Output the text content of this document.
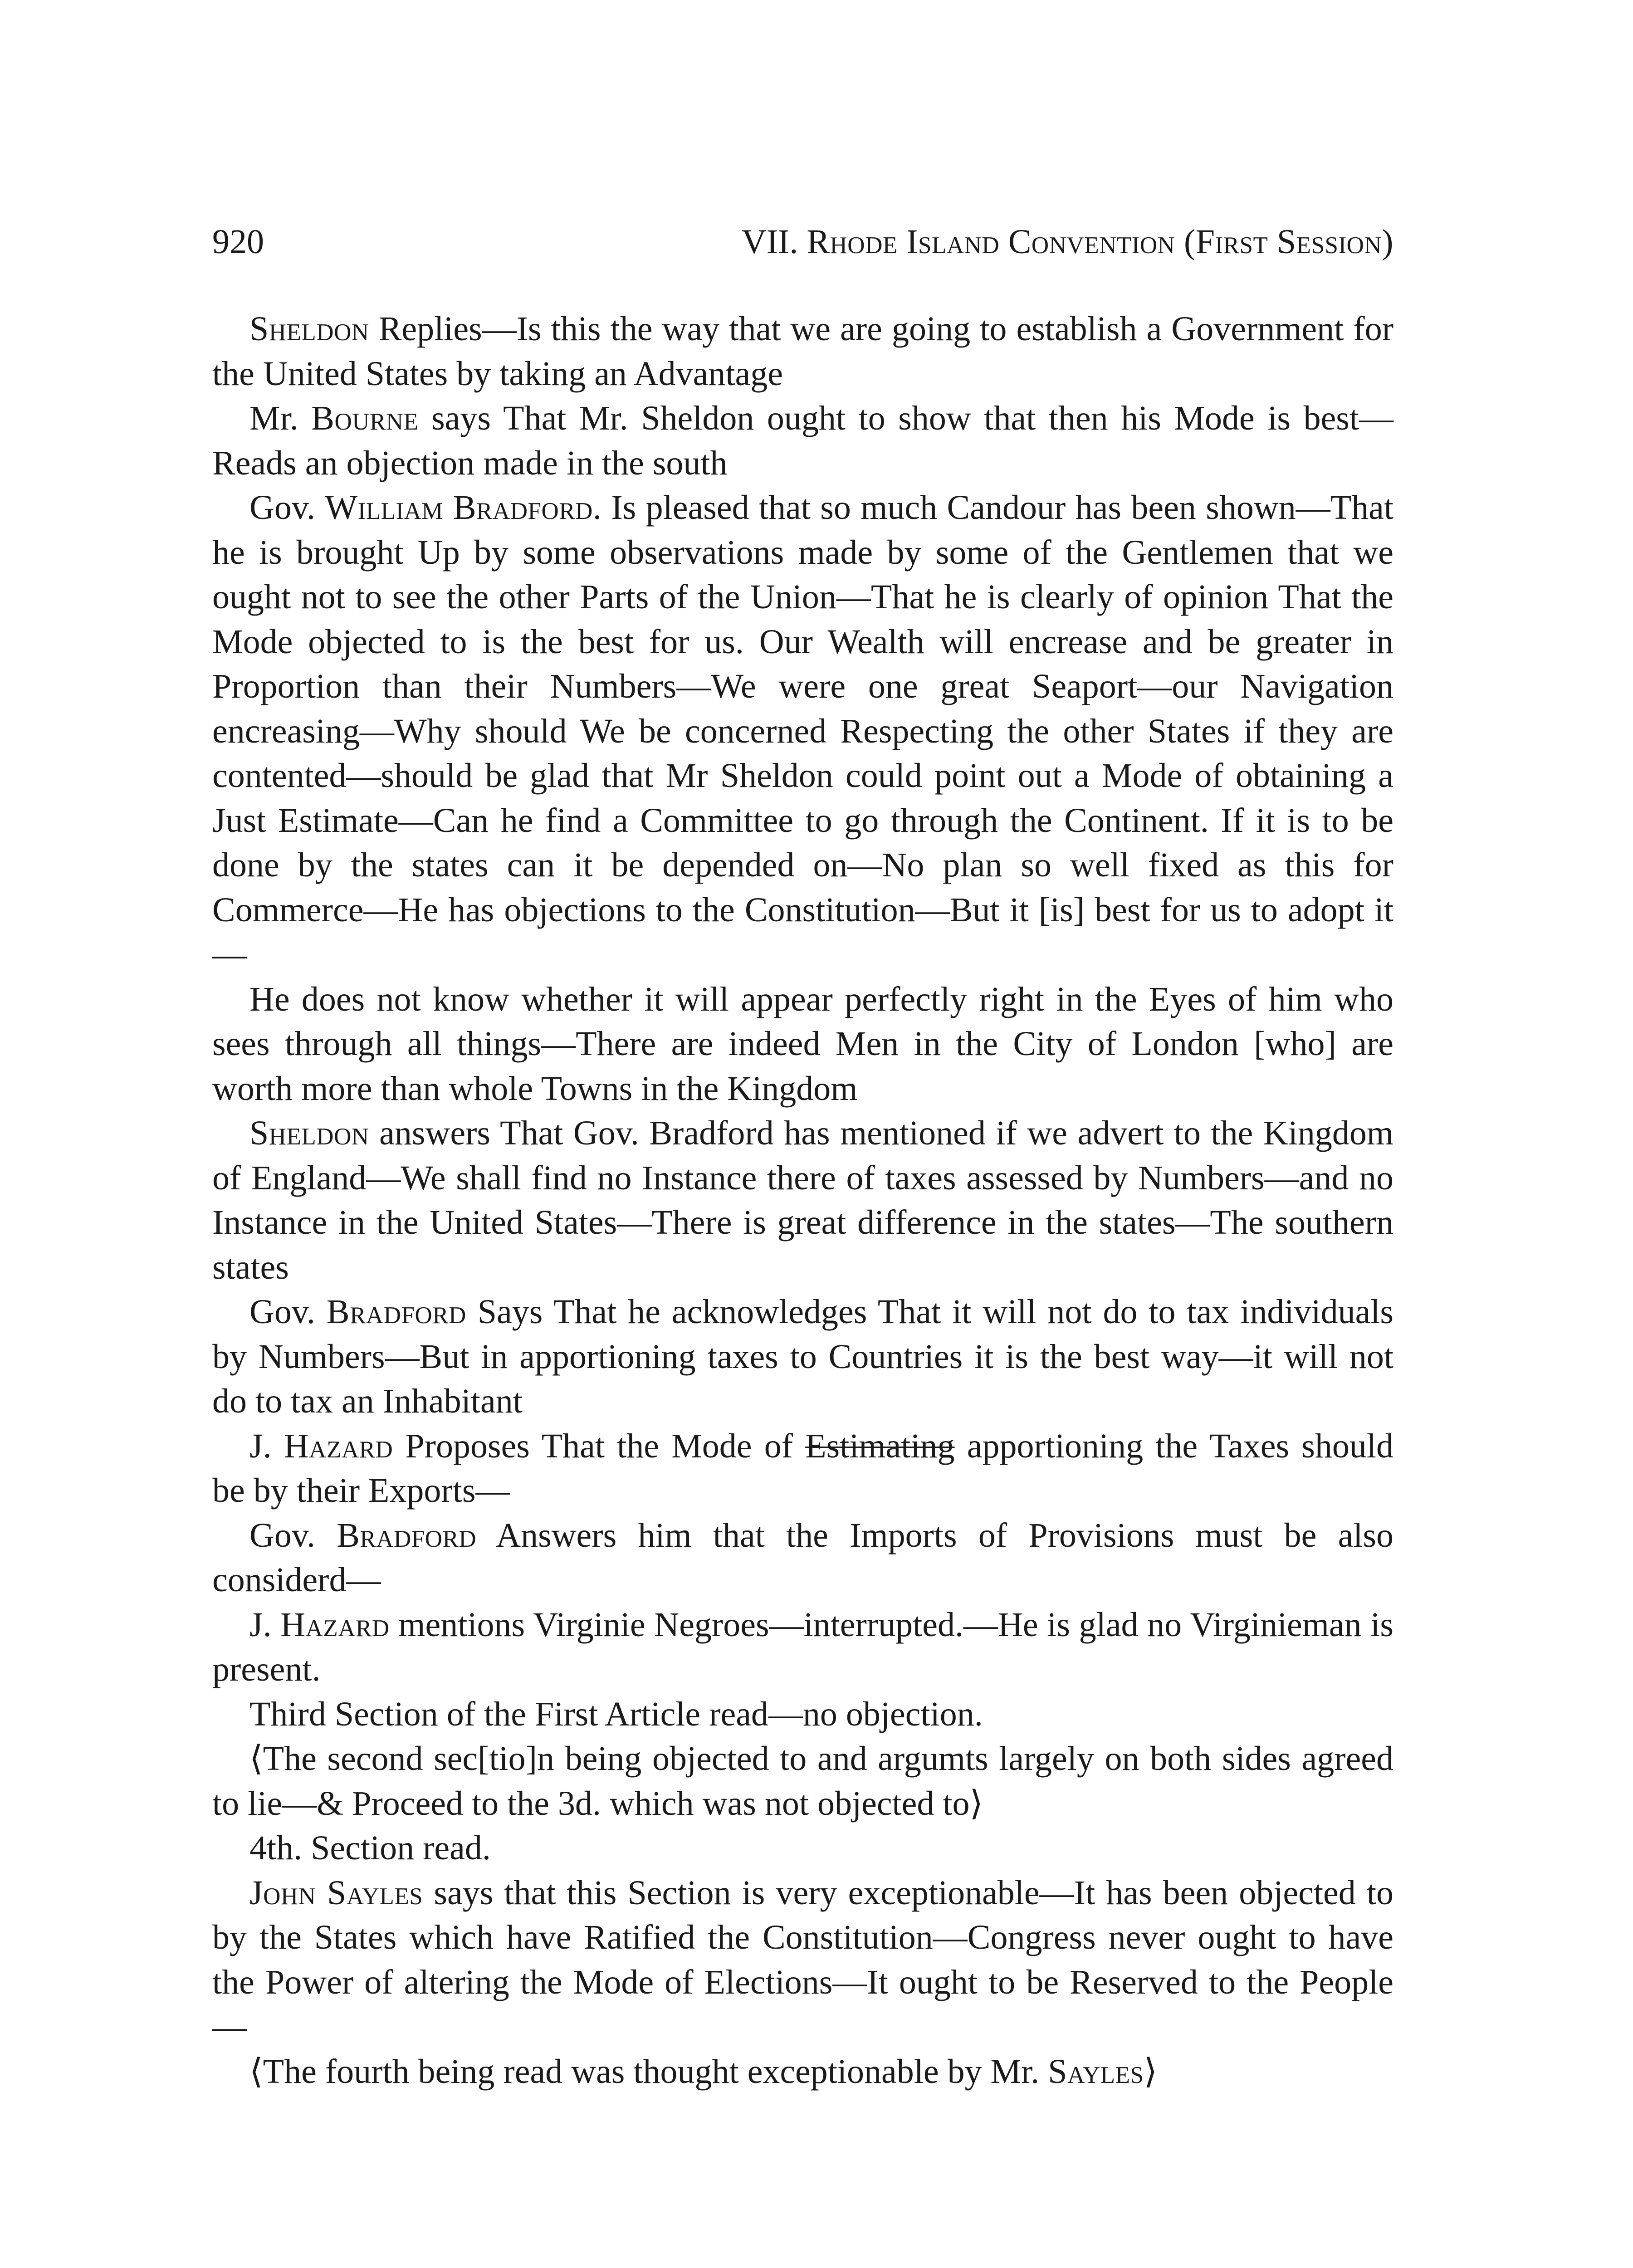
920	VII. Rhode Island Convention (First Session)

Sheldon Replies—Is this the way that we are going to establish a Government for the United States by taking an Advantage

Mr. Bourne says That Mr. Sheldon ought to show that then his Mode is best—Reads an objection made in the south

Gov. William Bradford. Is pleased that so much Candour has been shown—That he is brought Up by some observations made by some of the Gentlemen that we ought not to see the other Parts of the Union—That he is clearly of opinion That the Mode objected to is the best for us. Our Wealth will encrease and be greater in Proportion than their Numbers—We were one great Seaport—our Navigation encreasing—Why should We be concerned Respecting the other States if they are contented—should be glad that Mr Sheldon could point out a Mode of obtaining a Just Estimate—Can he find a Committee to go through the Continent. If it is to be done by the states can it be depended on—No plan so well fixed as this for Commerce—He has objections to the Constitution—But it [is] best for us to adopt it—

He does not know whether it will appear perfectly right in the Eyes of him who sees through all things—There are indeed Men in the City of London [who] are worth more than whole Towns in the Kingdom

Sheldon answers That Gov. Bradford has mentioned if we advert to the Kingdom of England—We shall find no Instance there of taxes assessed by Numbers—and no Instance in the United States—There is great difference in the states—The southern states

Gov. Bradford Says That he acknowledges That it will not do to tax individuals by Numbers—But in apportioning taxes to Countries it is the best way—it will not do to tax an Inhabitant

J. Hazard Proposes That the Mode of Estimating apportioning the Taxes should be by their Exports—

Gov. Bradford Answers him that the Imports of Provisions must be also considerd—

J. Hazard mentions Virginie Negroes—interrupted.—He is glad no Virginieman is present.

Third Section of the First Article read—no objection.

⟨The second sec[tio]n being objected to and argumts largely on both sides agreed to lie—& Proceed to the 3d. which was not objected to⟩

4th. Section read.

John Sayles says that this Section is very exceptionable—It has been objected to by the States which have Ratified the Constitution—Congress never ought to have the Power of altering the Mode of Elections—It ought to be Reserved to the People—

⟨The fourth being read was thought exceptionable by Mr. Sayles⟩
